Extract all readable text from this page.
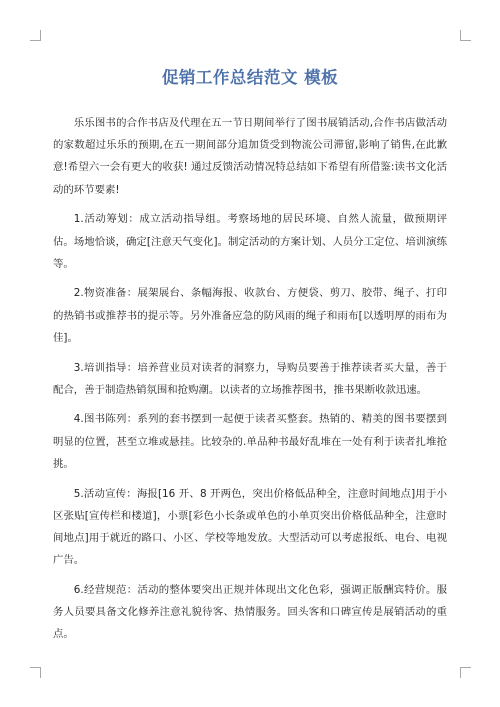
促销工作总结范文 模板

乐乐图书的合作书店及代理在五一节日期间举行了图书展销活动,合作书店做活动的家数超过乐乐的预期,在五一期间部分追加货受到物流公司滞留,影响了销售,在此歉意!希望六一会有更大的收获! 通过反馈活动情况特总结如下希望有所借鉴:读书文化活动的环节要素!

1.活动筹划：成立活动指导组。考察场地的居民环境、自然人流量，做预期评估。场地恰谈，确定[注意天气变化]。制定活动的方案计划、人员分工定位、培训演练等。

2.物资准备：展架展台、条幅海报、收款台、方便袋、剪刀、胶带、绳子、打印的热销书或推荐书的提示等。另外准备应急的防风雨的绳子和雨布[以透明厚的雨布为佳]。

3.培训指导：培养营业员对读者的洞察力，导购员要善于推荐读者买大量，善于配合，善于制造热销氛围和抢购潮。以读者的立场推荐图书，推书果断收款迅速。

4.图书陈列：系列的套书摆到一起便于读者买整套。热销的、精美的图书要摆到明显的位置，甚至立堆或悬挂。比较杂的.单品种书最好乱堆在一处有利于读者扎堆抢挑。

5.活动宣传：海报[16 开、8 开两色，突出价格低品种全，注意时间地点]用于小区张贴[宣传栏和楼道]，小票[彩色小长条或单色的小单页突出价格低品种全，注意时间地点]用于就近的路口、小区、学校等地发放。大型活动可以考虑报纸、电台、电视广告。

6.经营规范：活动的整体要突出正规并体现出文化色彩，强调正版酬宾特价。服务人员要具备文化修养注意礼貌待客、热情服务。回头客和口碑宣传是展销活动的重点。
